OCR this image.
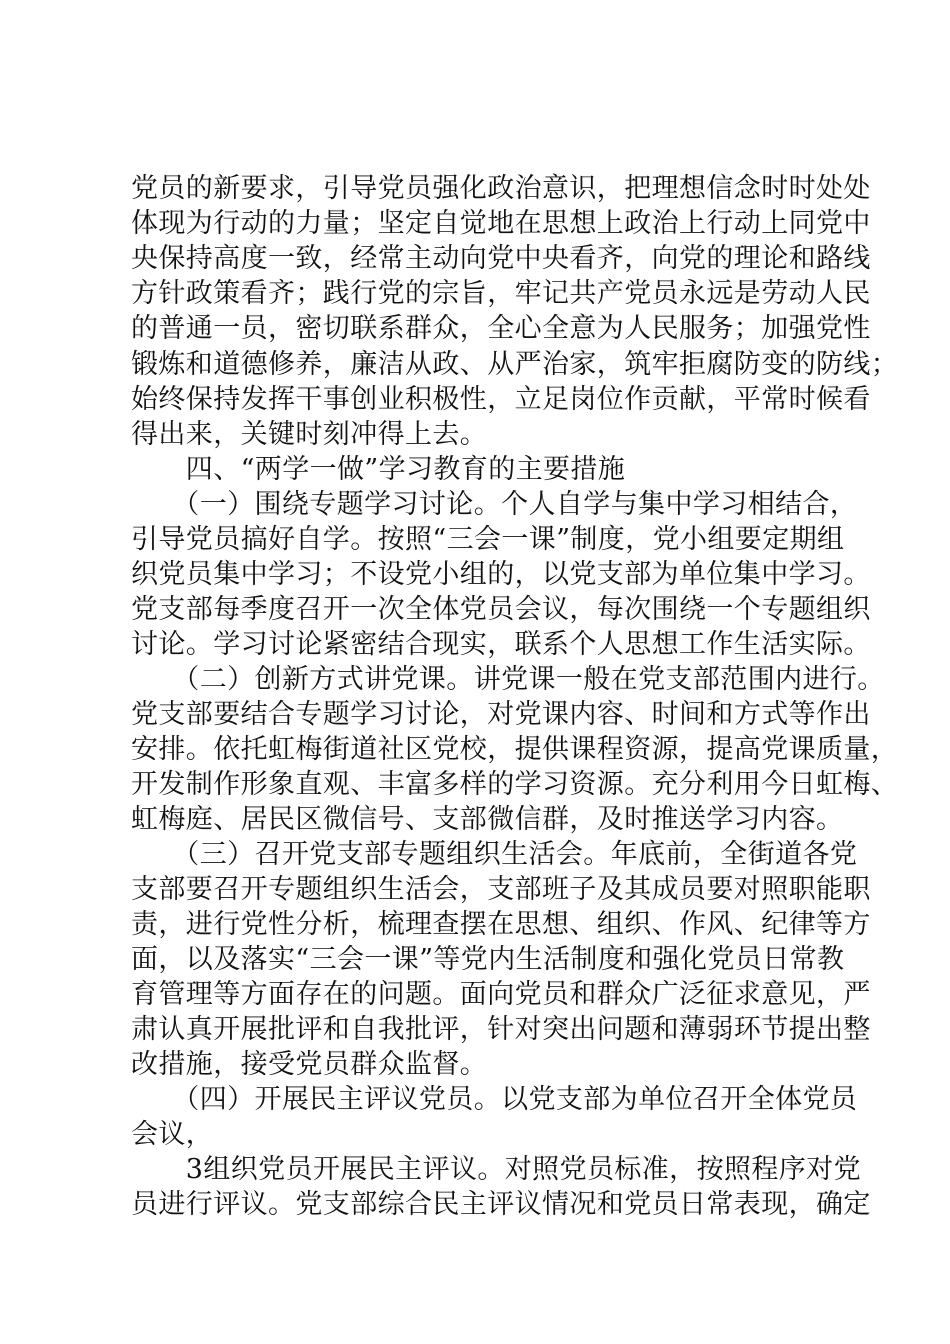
党员的新要求，引导党员强化政治意识，把理想信念时时处处
体现为行动的力量；坚定自觉地在思想上政治上行动上同党中
央保持高度一致，经常主动向党中央看齐，向党的理论和路线
方针政策看齐；践行党的宗旨，牢记共产党员永远是劳动人民
的普通一员，密切联系群众，全心全意为人民服务；加强党性
锻炼和道德修养，廉洁从政、从严治家，筑牢拒腐防变的防线；
始终保持发挥干事创业积极性，立足岗位作贡献，平常时候看
得出来，关键时刻冲得上去。
　　四、“两学一做”学习教育的主要措施
　　（一）围绕专题学习讨论。个人自学与集中学习相结合，
引导党员搞好自学。按照“三会一课”制度，党小组要定期组
织党员集中学习；不设党小组的，以党支部为单位集中学习。
党支部每季度召开一次全体党员会议，每次围绕一个专题组织
讨论。学习讨论紧密结合现实，联系个人思想工作生活实际。
　　（二）创新方式讲党课。讲党课一般在党支部范围内进行。
党支部要结合专题学习讨论，对党课内容、时间和方式等作出
安排。依托虹梅街道社区党校，提供课程资源，提高党课质量，
开发制作形象直观、丰富多样的学习资源。充分利用今日虹梅、
虹梅庭、居民区微信号、支部微信群，及时推送学习内容。
　　（三）召开党支部专题组织生活会。年底前，全街道各党
支部要召开专题组织生活会，支部班子及其成员要对照职能职
责，进行党性分析，梳理查摆在思想、组织、作风、纪律等方
面，以及落实“三会一课”等党内生活制度和强化党员日常教
育管理等方面存在的问题。面向党员和群众广泛征求意见，严
肃认真开展批评和自我批评，针对突出问题和薄弱环节提出整
改措施，接受党员群众监督。
　　（四）开展民主评议党员。以党支部为单位召开全体党员
会议，
　　3组织党员开展民主评议。对照党员标准，按照程序对党
员进行评议。党支部综合民主评议情况和党员日常表现，确定
